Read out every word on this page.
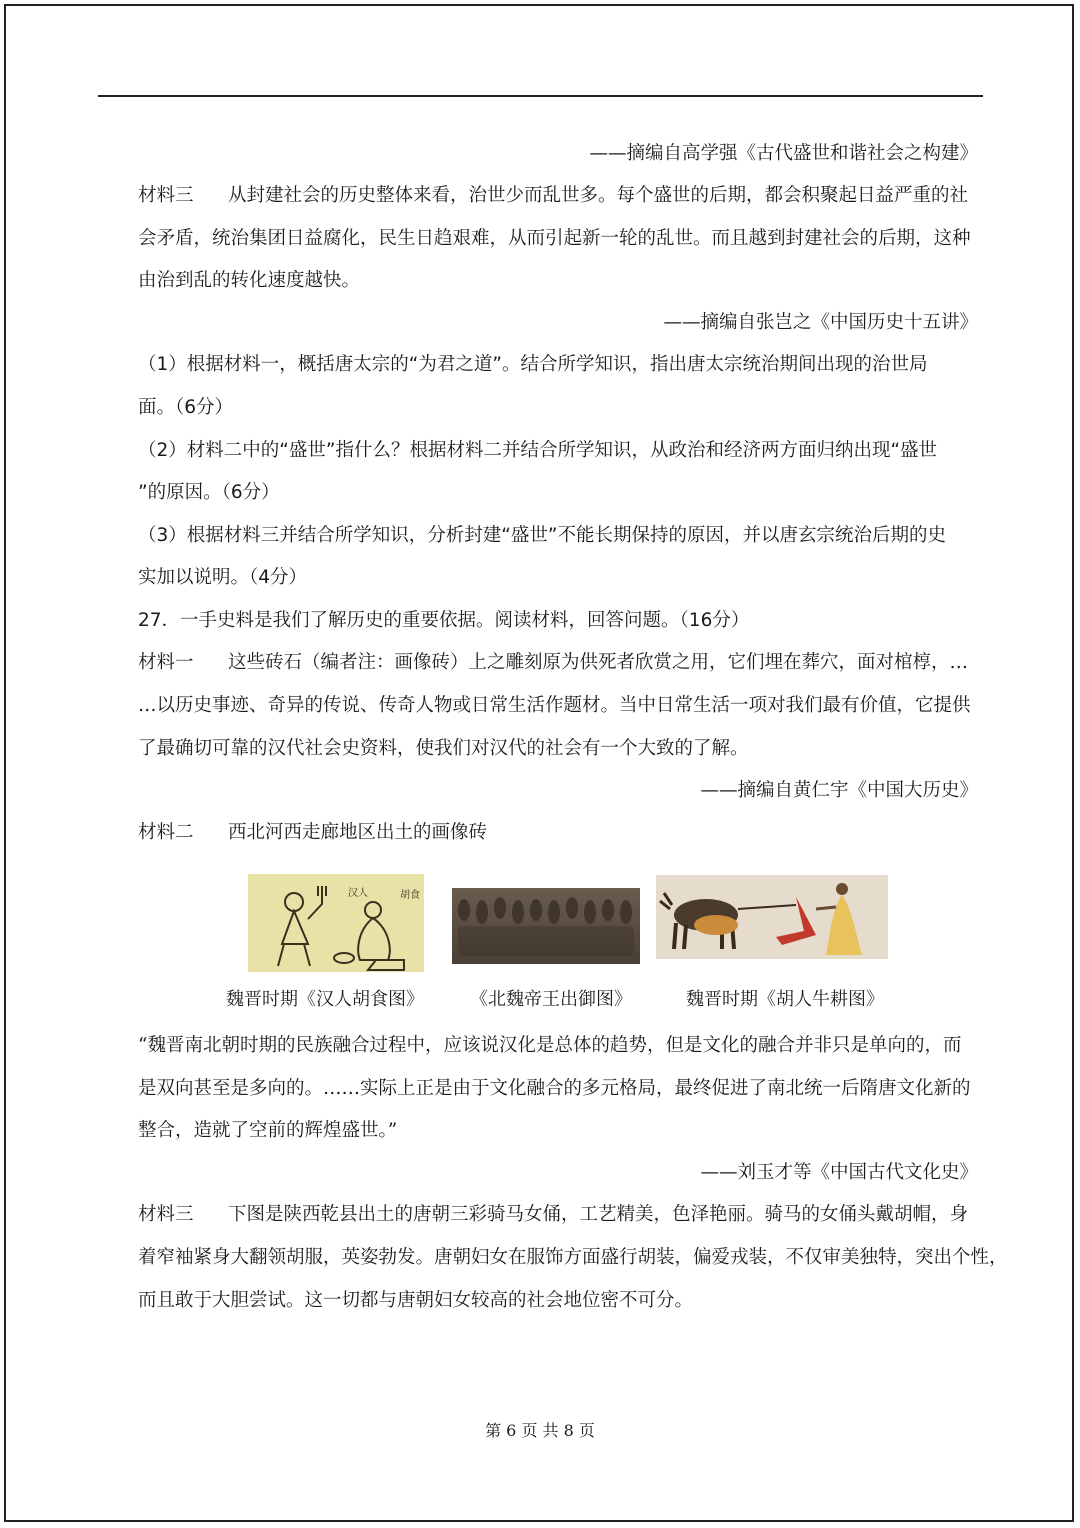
——摘编自高学强《古代盛世和谐社会之构建》
材料三 从封建社会的历史整体来看，治世少而乱世多。每个盛世的后期，都会积聚起日益严重的社
会矛盾，统治集团日益腐化，民生日趋艰难，从而引起新一轮的乱世。而且越到封建社会的后期，这种
由治到乱的转化速度越快。
——摘编自张岂之《中国历史十五讲》
（1）根据材料一，概括唐太宗的“为君之道”。结合所学知识，指出唐太宗统治期间出现的治世局
面。（6分）
（2）材料二中的“盛世”指什么？根据材料二并结合所学知识，从政治和经济两方面归纳出现“盛世
”的原因。（6分）
（3）根据材料三并结合所学知识，分析封建“盛世”不能长期保持的原因，并以唐玄宗统治后期的史
实加以说明。（4分）
27．一手史料是我们了解历史的重要依据。阅读材料，回答问题。（16分）
材料一 这些砖石（编者注：画像砖）上之雕刻原为供死者欣赏之用，它们埋在葬穴，面对棺椁，…
…以历史事迹、奇异的传说、传奇人物或日常生活作题材。当中日常生活一项对我们最有价值，它提供
了最确切可靠的汉代社会史资料，使我们对汉代的社会有一个大致的了解。
——摘编自黄仁宇《中国大历史》
材料二 西北河西走廊地区出土的画像砖
胡食
汉人
魏晋时期《汉人胡食图》	《北魏帝王出御图》	魏晋时期《胡人牛耕图》
“魏晋南北朝时期的民族融合过程中，应该说汉化是总体的趋势，但是文化的融合并非只是单向的，而
是双向甚至是多向的。……实际上正是由于文化融合的多元格局，最终促进了南北统一后隋唐文化新的
整合，造就了空前的辉煌盛世。”
——刘玉才等《中国古代文化史》
材料三 下图是陕西乾县出土的唐朝三彩骑马女俑，工艺精美，色泽艳丽。骑马的女俑头戴胡帽，身
着窄袖紧身大翻领胡服，英姿勃发。唐朝妇女在服饰方面盛行胡装，偏爱戎装，不仅审美独特，突出个性，
而且敢于大胆尝试。这一切都与唐朝妇女较高的社会地位密不可分。
第 6 页 共 8 页
